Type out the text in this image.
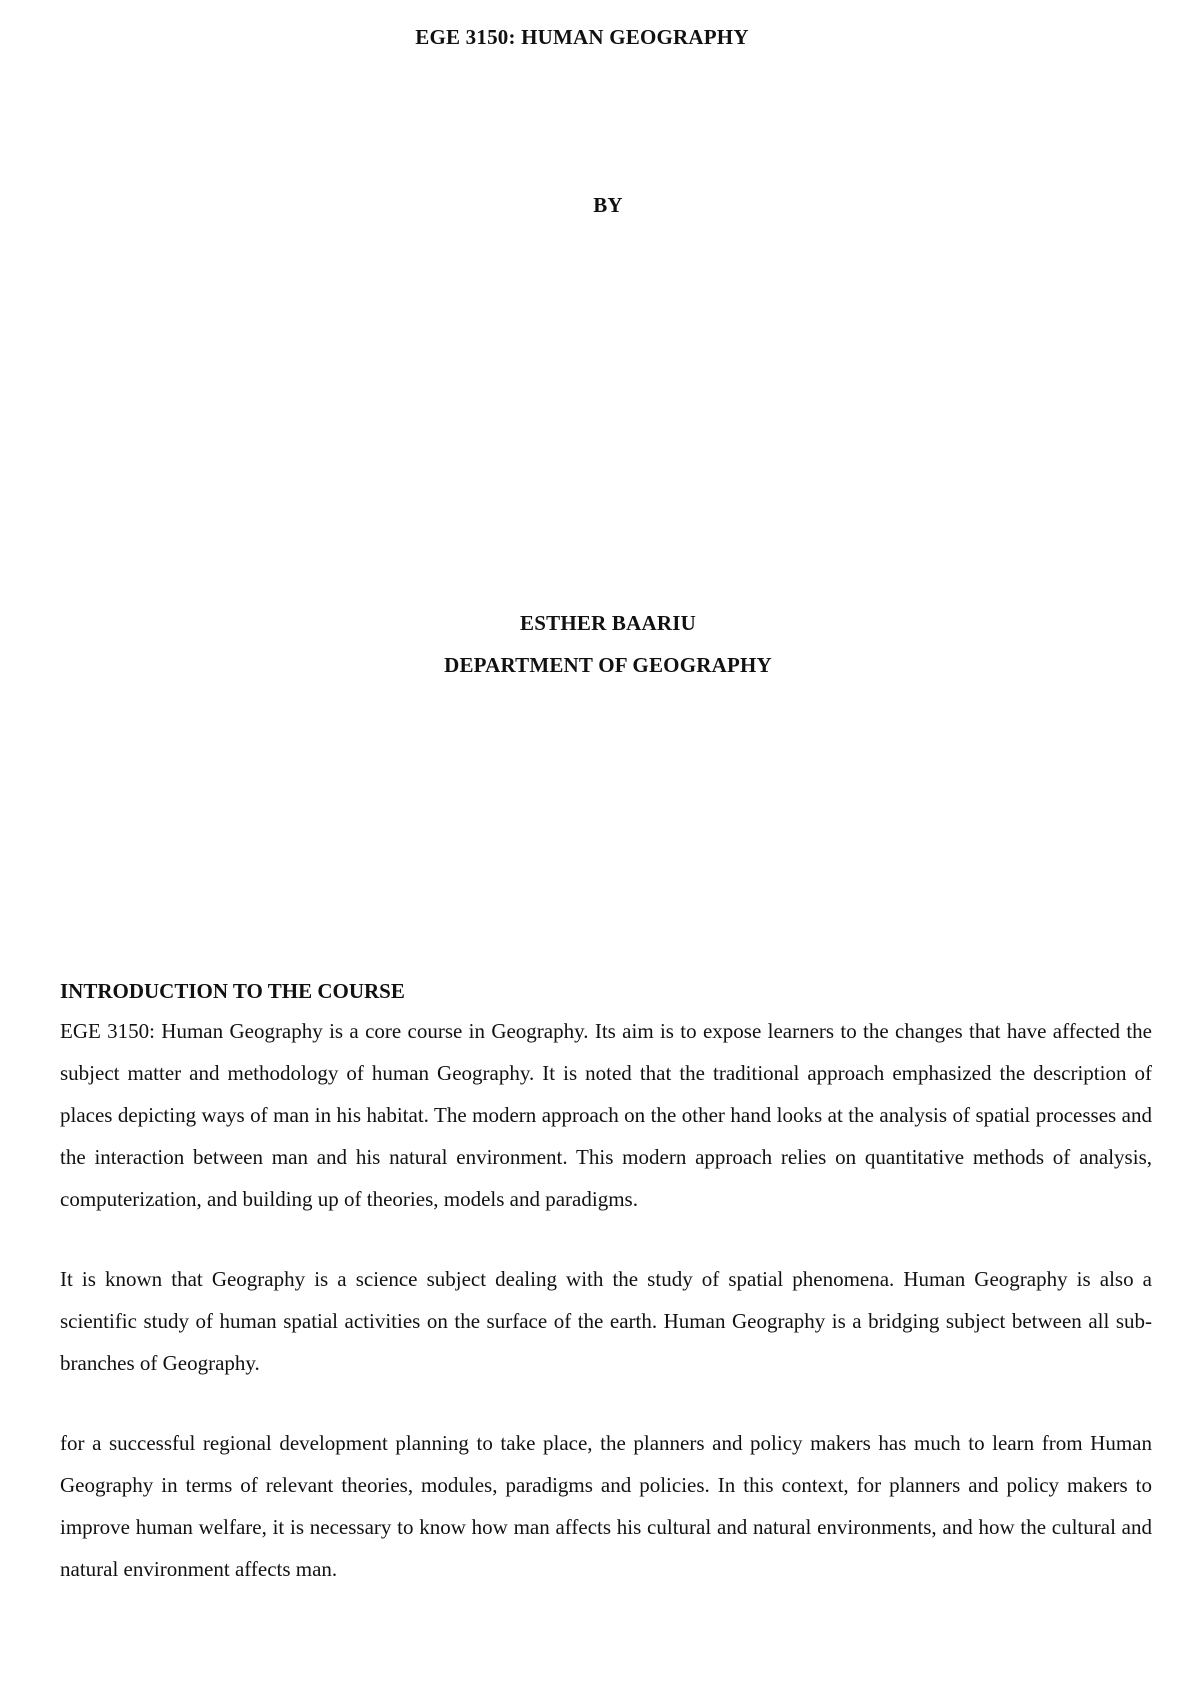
EGE 3150: HUMAN GEOGRAPHY
BY
ESTHER BAARIU
DEPARTMENT OF GEOGRAPHY
INTRODUCTION TO THE COURSE

EGE 3150: Human Geography is a core course in Geography. Its aim is to expose learners to the changes that have affected the subject matter and methodology of human Geography. It is noted that the traditional approach emphasized the description of places depicting ways of man in his habitat. The modern approach on the other hand looks at the analysis of spatial processes and the interaction between man and his natural environment. This modern approach relies on quantitative methods of analysis, computerization, and building up of theories, models and paradigms.

It is known that Geography is a science subject dealing with the study of spatial phenomena. Human Geography is also a scientific study of human spatial activities on the surface of the earth. Human Geography is a bridging subject between all sub-branches of Geography.

for a successful regional development planning to take place, the planners and policy makers has much to learn from Human Geography in terms of relevant theories, modules, paradigms and policies. In this context, for planners and policy makers to improve human welfare, it is necessary to know how man affects his cultural and natural environments, and how the cultural and natural environment affects man.
